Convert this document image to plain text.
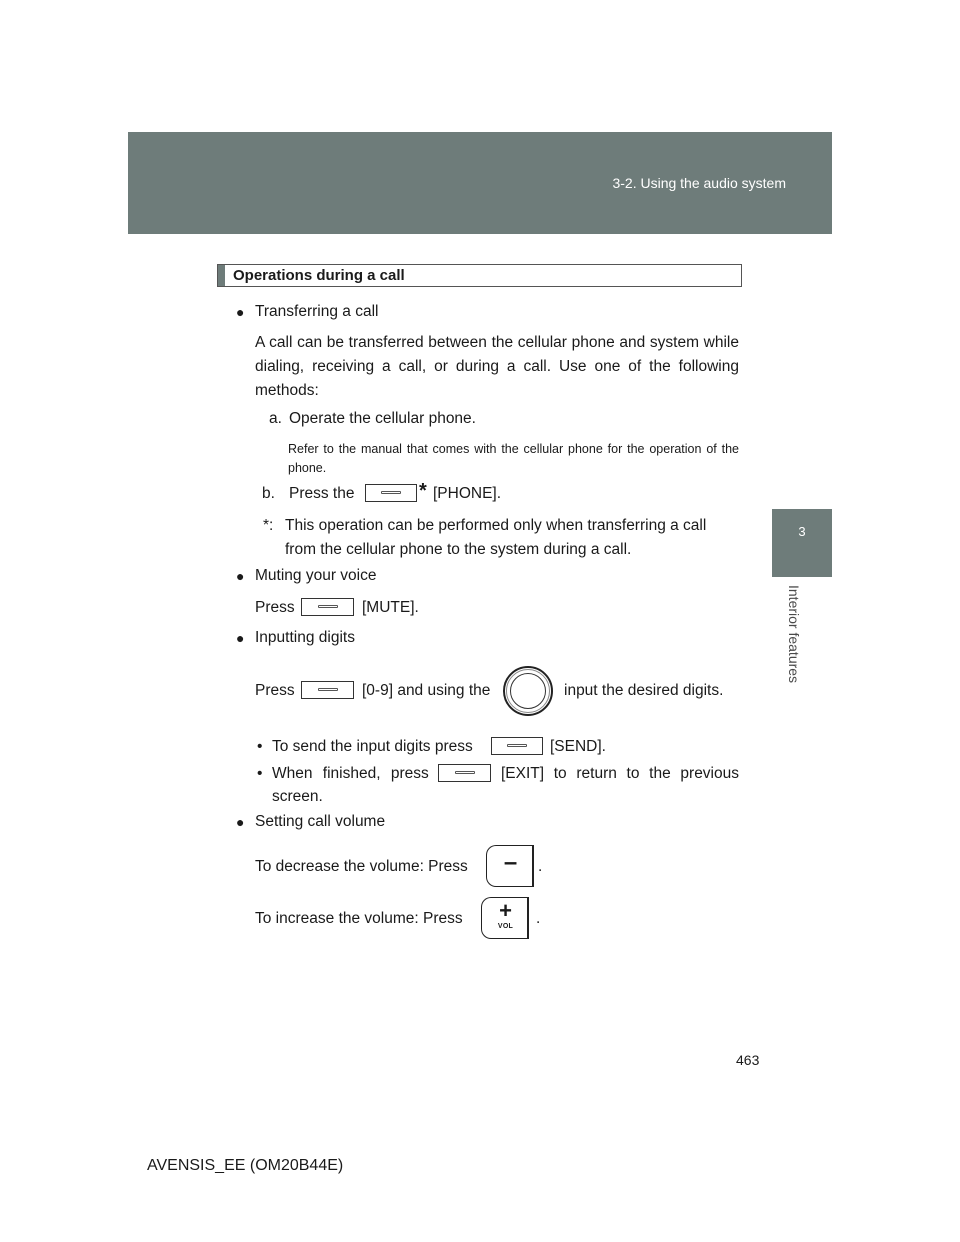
3-2. Using the audio system
3
Interior features
Operations during a call
● Transferring a call
A call can be transferred between the cellular phone and system while dialing, receiving a call, or during a call. Use one of the following methods:
a. Operate the cellular phone.
Refer to the manual that comes with the cellular phone for the operation of the phone.
b. Press the	* [PHONE].
*: This operation can be performed only when transferring a call from the cellular phone to the system during a call.
● Muting your voice
Press	[MUTE].
● Inputting digits
Press	[0-9] and using the	input the desired digits.
• To send the input digits press	[SEND].
• When finished, press	[EXIT] to return to the previous
screen.
● Setting call volume
To decrease the volume: Press	–	.
To increase the volume: Press	+
VOL	.
463
AVENSIS_EE (OM20B44E)
